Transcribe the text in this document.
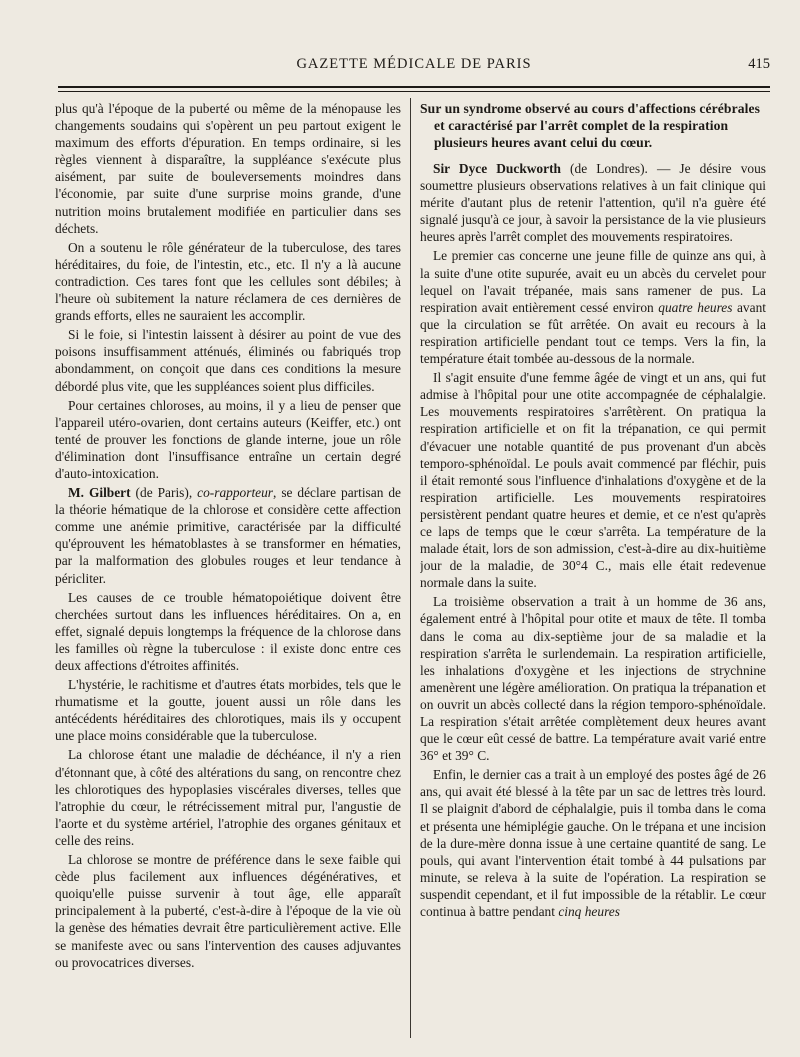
GAZETTE MÉDICALE DE PARIS	415

plus qu'à l'époque de la puberté ou même de la ménopause les changements soudains qui s'opèrent un peu partout exigent le maximum des efforts d'épuration. En temps ordinaire, si les règles viennent à disparaître, la suppléance s'exécute plus aisément, par suite de bouleversements moindres dans l'économie, par suite d'une surprise moins grande, d'une nutrition moins brutalement modifiée en particulier dans ses déchets.

On a soutenu le rôle générateur de la tuberculose, des tares héréditaires, du foie, de l'intestin, etc., etc. Il n'y a là aucune contradiction. Ces tares font que les cellules sont débiles; à l'heure où subitement la nature réclamera de ces dernières de grands efforts, elles ne sauraient les accomplir.

Si le foie, si l'intestin laissent à désirer au point de vue des poisons insuffisamment atténués, éliminés ou fabriqués trop abondamment, on conçoit que dans ces conditions la mesure débordé plus vite, que les suppléances soient plus difficiles.

Pour certaines chloroses, au moins, il y a lieu de penser que l'appareil utéro-ovarien, dont certains auteurs (Keiffer, etc.) ont tenté de prouver les fonctions de glande interne, joue un rôle d'élimination dont l'insuffisance entraîne un certain degré d'auto-intoxication.

M. Gilbert (de Paris), co-rapporteur, se déclare partisan de la théorie hématique de la chlorose et considère cette affection comme une anémie primitive, caractérisée par la difficulté qu'éprouvent les hématoblastes à se transformer en hématies, par la malformation des globules rouges et leur tendance à péricliter.

Les causes de ce trouble hématopoiétique doivent être cherchées surtout dans les influences héréditaires. On a, en effet, signalé depuis longtemps la fréquence de la chlorose dans les familles où règne la tuberculose : il existe donc entre ces deux affections d'étroites affinités.

L'hystérie, le rachitisme et d'autres états morbides, tels que le rhumatisme et la goutte, jouent aussi un rôle dans les antécédents héréditaires des chlorotiques, mais ils y occupent une place moins considérable que la tuberculose.

La chlorose étant une maladie de déchéance, il n'y a rien d'étonnant que, à côté des altérations du sang, on rencontre chez les chlorotiques des hypoplasies viscérales diverses, telles que l'atrophie du cœur, le rétrécissement mitral pur, l'angustie de l'aorte et du système artériel, l'atrophie des organes génitaux et celle des reins.

La chlorose se montre de préférence dans le sexe faible qui cède plus facilement aux influences dégénératives, et quoiqu'elle puisse survenir à tout âge, elle apparaît principalement à la puberté, c'est-à-dire à l'époque de la vie où la genèse des hématies devrait être particulièrement active. Elle se manifeste avec ou sans l'intervention des causes adjuvantes ou provocatrices diverses.

Sur un syndrome observé au cours d'affections cérébrales et caractérisé par l'arrêt complet de la respiration plusieurs heures avant celui du cœur.

Sir Dyce Duckworth (de Londres). — Je désire vous soumettre plusieurs observations relatives à un fait clinique qui mérite d'autant plus de retenir l'attention, qu'il n'a guère été signalé jusqu'à ce jour, à savoir la persistance de la vie plusieurs heures après l'arrêt complet des mouvements respiratoires.

Le premier cas concerne une jeune fille de quinze ans qui, à la suite d'une otite supurée, avait eu un abcès du cervelet pour lequel on l'avait trépanée, mais sans ramener de pus. La respiration avait entièrement cessé environ quatre heures avant que la circulation se fût arrêtée. On avait eu recours à la respiration artificielle pendant tout ce temps. Vers la fin, la température était tombée au-dessous de la normale.

Il s'agit ensuite d'une femme âgée de vingt et un ans, qui fut admise à l'hôpital pour une otite accompagnée de céphalalgie. Les mouvements respiratoires s'arrêtèrent. On pratiqua la respiration artificielle et on fit la trépanation, ce qui permit d'évacuer une notable quantité de pus provenant d'un abcès temporo-sphénoïdal. Le pouls avait commencé par fléchir, puis il était remonté sous l'influence d'inhalations d'oxygène et de la respiration artificielle. Les mouvements respiratoires persistèrent pendant quatre heures et demie, et ce n'est qu'après ce laps de temps que le cœur s'arrêta. La température de la malade était, lors de son admission, c'est-à-dire au dix-huitième jour de la maladie, de 30°4 C., mais elle était redevenue normale dans la suite.

La troisième observation a trait à un homme de 36 ans, également entré à l'hôpital pour otite et maux de tête. Il tomba dans le coma au dix-septième jour de sa maladie et la respiration s'arrêta le surlendemain. La respiration artificielle, les inhalations d'oxygène et les injections de strychnine amenèrent une légère amélioration. On pratiqua la trépanation et on ouvrit un abcès collecté dans la région temporo-sphénoïdale. La respiration s'était arrêtée complètement deux heures avant que le cœur eût cessé de battre. La température avait varié entre 36° et 39° C.

Enfin, le dernier cas a trait à un employé des postes âgé de 26 ans, qui avait été blessé à la tête par un sac de lettres très lourd. Il se plaignit d'abord de céphalalgie, puis il tomba dans le coma et présenta une hémiplégie gauche. On le trépana et une incision de la dure-mère donna issue à une certaine quantité de sang. Le pouls, qui avant l'intervention était tombé à 44 pulsations par minute, se releva à la suite de l'opération. La respiration se suspendit cependant, et il fut impossible de la rétablir. Le cœur continua à battre pendant cinq heures
